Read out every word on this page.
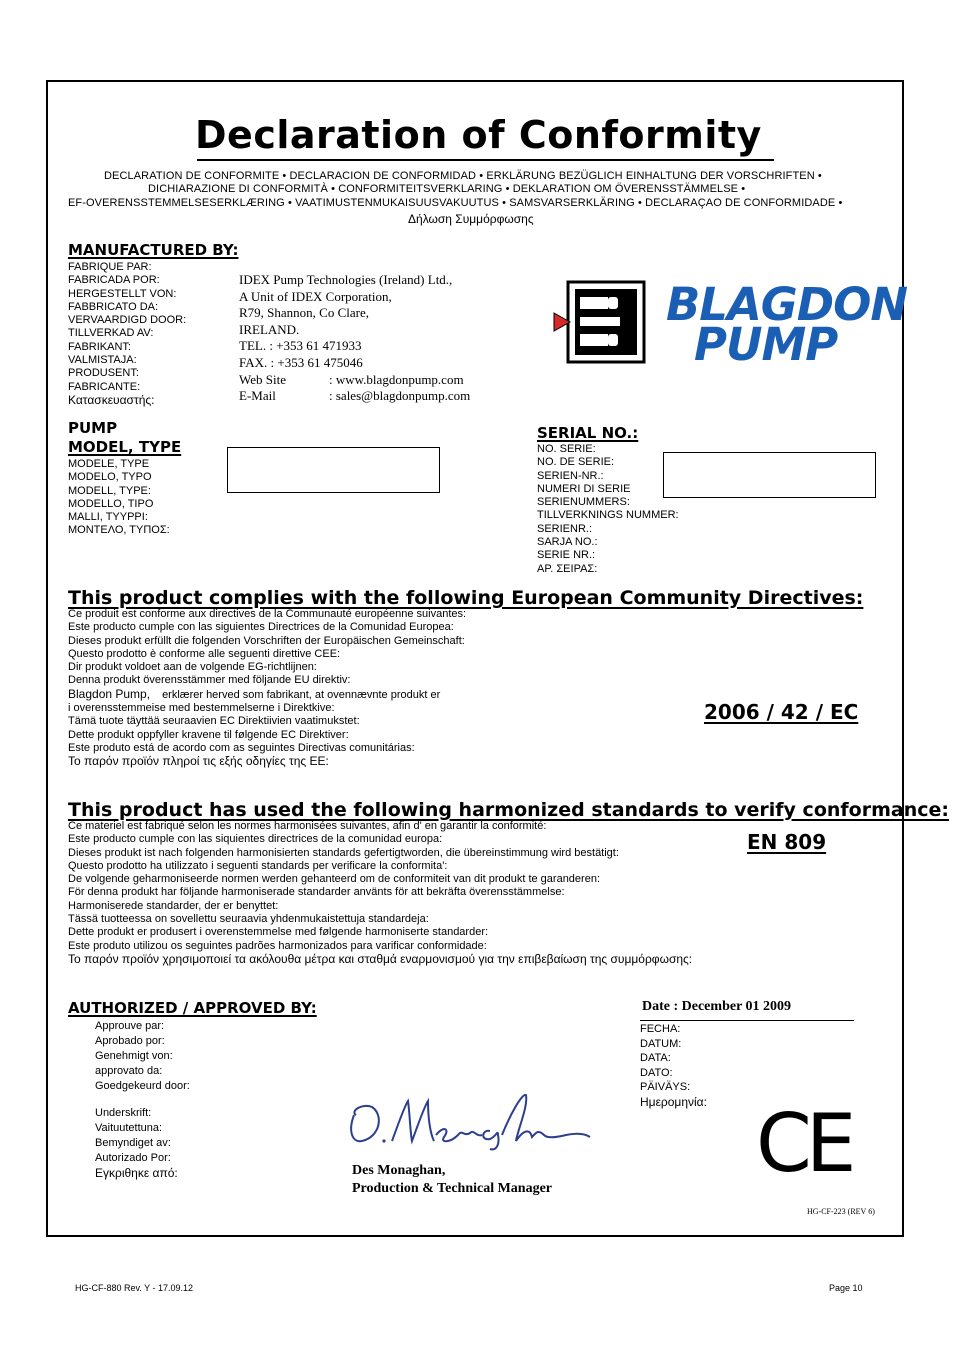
Declaration of Conformity
DECLARATION DE CONFORMITE • DECLARACION DE CONFORMIDAD • ERKLÄRUNG BEZÜGLICH EINHALTUNG DER VORSCHRIFTEN •
DICHIARAZIONE DI CONFORMITÀ • CONFORMITEITSVERKLARING • DEKLARATION OM ÖVERENSSTÄMMELSE •
EF-OVERENSSTEMMELSESERKLÆRING • VAATIMUSTENMUKAISUUSVAKUUTUS • SAMSVARSERKLÄRING • DECLARAÇAO DE CONFORMIDADE •
Δήλωση Συμμόρφωσης
MANUFACTURED BY:
FABRIQUE PAR:
FABRICADA POR:
HERGESTELLT VON:
FABBRICATO DA:
VERVAARDIGD DOOR:
TILLVERKAD AV:
FABRIKANT:
VALMISTAJA:
PRODUSENT:
FABRICANTE:
Κατασκευαστής:
IDEX Pump Technologies (Ireland) Ltd.,
A Unit of IDEX Corporation,
R79, Shannon, Co Clare,
IRELAND.
TEL. : +353 61 471933
FAX. : +353 61 475046
Web Site	: www.blagdonpump.com
E-Mail	: sales@blagdonpump.com
BLAGDON
PUMP
PUMP
MODEL, TYPE
MODELE, TYPE
MODELO, TYPO
MODELL, TYPE:
MODELLO, TIPO
MALLI, TYYPPI:
ΜΟΝΤΕΛΟ, ΤΥΠΟΣ:
SERIAL NO.:
NO. SERIE:
NO. DE SERIE:
SERIEN-NR.:
NUMERI DI SERIE
SERIENUMMERS:
TILLVERKNINGS NUMMER:
SERIENR.:
SARJA NO.:
SERIE NR.:
ΑΡ. ΣΕΙΡΑΣ:
This product complies with the following European Community Directives:
Ce produit est conforme aux directives de la Communauté européenne suivantes:
Este producto cumple con las siguientes Directrices de la Comunidad Europea:
Dieses produkt erfüllt die folgenden Vorschriften der Europäischen Gemeinschaft:
Questo prodotto è conforme alle seguenti direttive CEE:
Dir produkt voldoet aan de volgende EG-richtlijnen:
Denna produkt överensstämmer med följande EU direktiv:
Blagdon Pump, erklærer herved som fabrikant, at ovennævnte produkt er
i overensstemmeise med bestemmelserne i Direktkive:
Tämä tuote täyttää seuraavien EC Direktiivien vaatimukstet:
Dette produkt oppfyller kravene til følgende EC Direktiver:
Este produto está de acordo com as seguintes Directivas comunitárias:
Το παρόν προϊόν πληροί τις εξής οδηγίες της ΕΕ:
2006 / 42 / EC
This product has used the following harmonized standards to verify conformance:
Ce materiel est fabriqué selon les normes harmonisées suivantes, afin d' en garantir la conformité:
Este producto cumple con las siquientes directrices de la comunidad europa:
Dieses produkt ist nach folgenden harmonisierten standards gefertigtworden, die übereinstimmung wird bestätigt:
Questo prodotto ha utilizzato i seguenti standards per verificare la conformita':
De volgende geharmoniseerde normen werden gehanteerd om de conformiteit van dit produkt te garanderen:
För denna produkt har följande harmoniserade standarder använts för att bekräfta överensstämmelse:
Harmoniserede standarder, der er benyttet:
Tässä tuotteessa on sovellettu seuraavia yhdenmukaistettuja standardeja:
Dette produkt er produsert i overenstemmelse med følgende harmoniserte standarder:
Este produto utilizou os seguintes padrões harmonizados para varificar conformidade:
Το παρόν προϊόν χρησιμοποιεί τα ακόλουθα μέτρα και σταθμά εναρμονισμού για την επιβεβαίωση της συμμόρφωσης:
EN 809
AUTHORIZED / APPROVED BY:
Approuve par:
Aprobado por:
Genehmigt von:
approvato da:
Goedgekeurd door:
Underskrift:
Vaituutettuna:
Bemyndiget av:
Autorizado Por:
Εγκριθηκε από:	Des Monaghan,
Production & Technical Manager
Date : December 01 2009
FECHA:
DATUM:
DATA:
DATO:
PÄIVÄYS:
Ημερομηνία: CE
HG-CF-223 (REV 6)
HG-CF-880 Rev. Y - 17.09.12	Page 10
